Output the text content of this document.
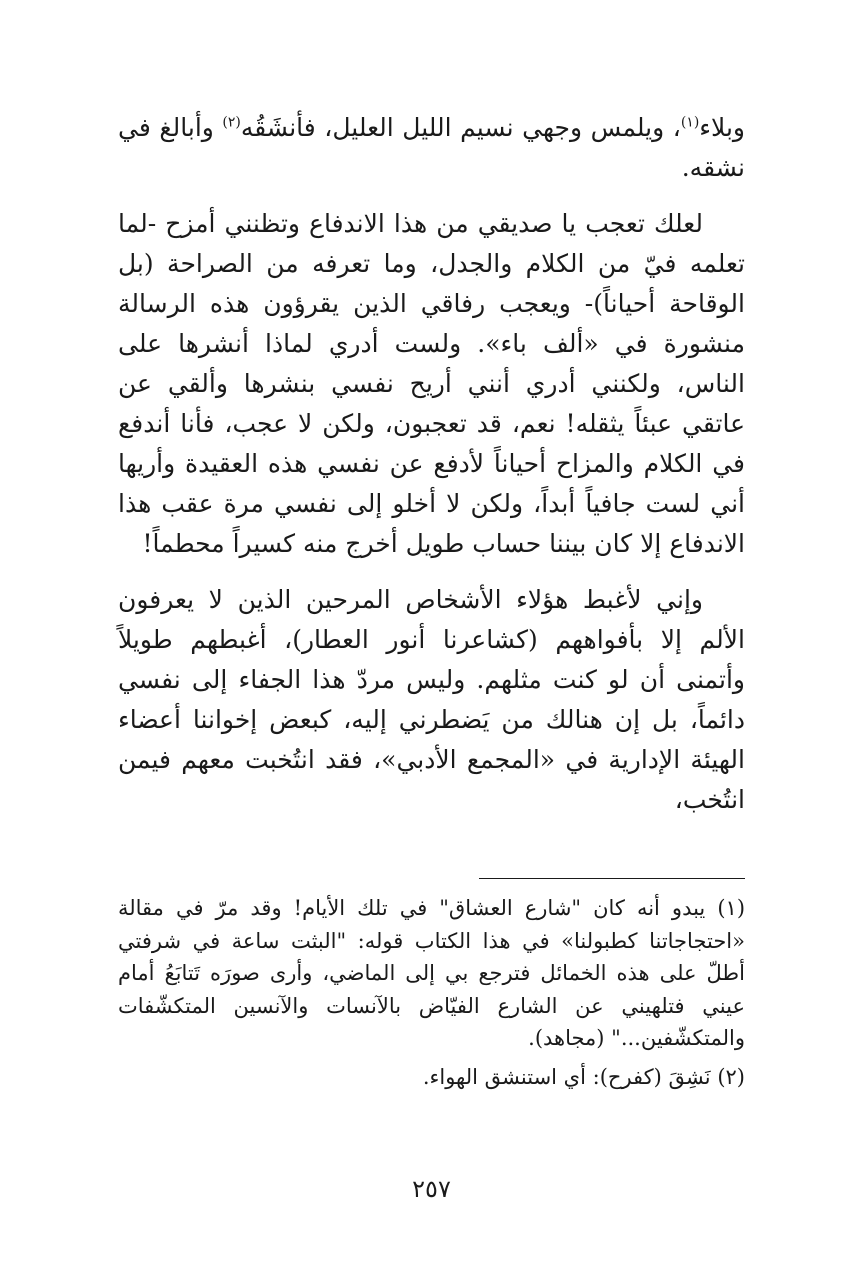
وبلاء$^{(١)}$، ويلمس وجهي نسيم الليل العليل، فأنشَقُه$^{(٢)}$ وأبالغ في نشقه.

لعلك تعجب يا صديقي من هذا الاندفاع وتظنني أمزح -لما تعلمه فيّ من الكلام والجدل، وما تعرفه من الصراحة (بل الوقاحة أحياناً)- ويعجب رفاقي الذين يقرؤون هذه الرسالة منشورة في «ألف باء». ولست أدري لماذا أنشرها على الناس، ولكنني أدري أنني أريح نفسي بنشرها وألقي عن عاتقي عبئاً يثقله! نعم، قد تعجبون، ولكن لا عجب، فأنا أندفع في الكلام والمزاح أحياناً لأدفع عن نفسي هذه العقيدة وأريها أني لست جافياً أبداً، ولكن لا أخلو إلى نفسي مرة عقب هذا الاندفاع إلا كان بيننا حساب طويل أخرج منه كسيراً محطماً!

وإني لأغبط هؤلاء الأشخاص المرحين الذين لا يعرفون الألم إلا بأفواههم (كشاعرنا أنور العطار)، أغبطهم طويلاً وأتمنى أن لو كنت مثلهم. وليس مردّ هذا الجفاء إلى نفسي دائماً، بل إن هنالك من يَضطرني إليه، كبعض إخواننا أعضاء الهيئة الإدارية في «المجمع الأدبي»، فقد انتُخبت معهم فيمن انتُخب،

(١) يبدو أنه كان "شارع العشاق" في تلك الأيام! وقد مرّ في مقالة «احتجاجاتنا كطبولنا» في هذا الكتاب قوله: "البثت ساعة في شرفتي أطلّ على هذه الخمائل فترجع بي إلى الماضي، وأرى صورَه تَتابَعُ أمام عيني فتلهيني عن الشارع الفيّاض بالآنسات والآنسين المتكشّفات والمتكشّفين..." (مجاهد).

(٢) نَشِقَ (كفرح): أي استنشق الهواء.

٢٥٧
